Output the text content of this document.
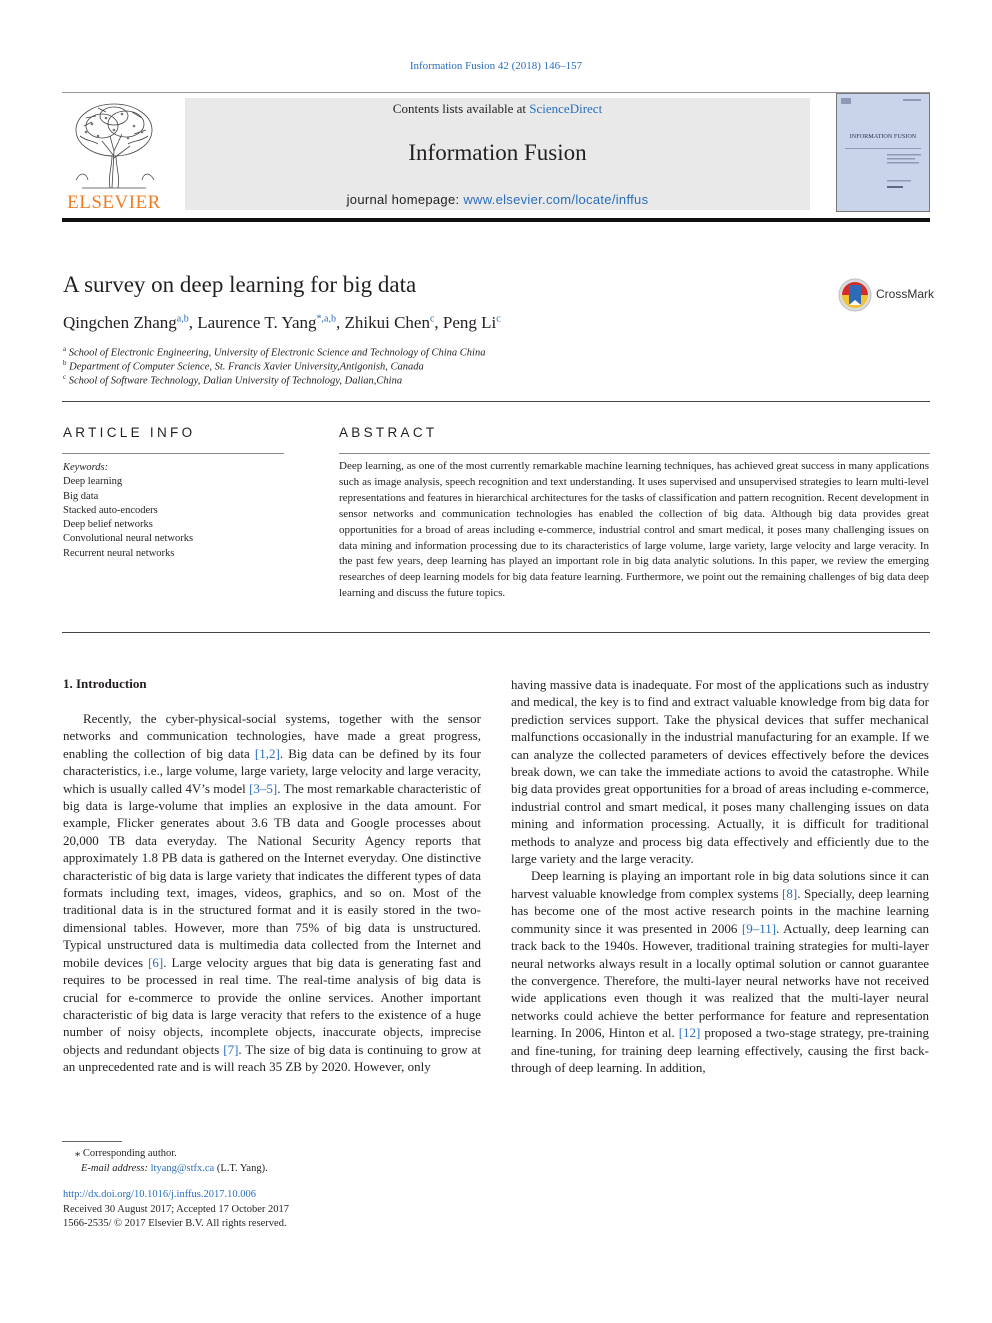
Information Fusion 42 (2018) 146–157
ELSEVIER
Contents lists available at ScienceDirect
Information Fusion
journal homepage: www.elsevier.com/locate/inffus
INFORMATION FUSION
A survey on deep learning for big data	CrossMark
Qingchen Zhang$^{a,b}$, Laurence T. Yang$^{*,a,b}$, Zhikui Chen$^c$, Peng Li$^c$
$^a$ School of Electronic Engineering, University of Electronic Science and Technology of China China
$^b$ Department of Computer Science, St. Francis Xavier University,Antigonish, Canada
$^c$ School of Software Technology, Dalian University of Technology, Dalian,China
ARTICLE INFO	ABSTRACT
Keywords:
Deep learning
Big data
Stacked auto-encoders
Deep belief networks
Convolutional neural networks
Recurrent neural networks
Deep learning, as one of the most currently remarkable machine learning techniques, has achieved great success in many applications such as image analysis, speech recognition and text understanding. It uses supervised and unsupervised strategies to learn multi-level representations and features in hierarchical architectures for the tasks of classification and pattern recognition. Recent development in sensor networks and communication technologies has enabled the collection of big data. Although big data provides great opportunities for a broad of areas including e-commerce, industrial control and smart medical, it poses many challenging issues on data mining and information processing due to its characteristics of large volume, large variety, large velocity and large veracity. In the past few years, deep learning has played an important role in big data analytic solutions. In this paper, we review the emerging researches of deep learning models for big data feature learning. Furthermore, we point out the remaining challenges of big data deep learning and discuss the future topics.
1. Introduction

Recently, the cyber-physical-social systems, together with the sensor networks and communication technologies, have made a great progress, enabling the collection of big data [1,2]. Big data can be defined by its four characteristics, i.e., large volume, large variety, large velocity and large veracity, which is usually called 4V’s model [3–5]. The most remarkable characteristic of big data is large-volume that implies an explosive in the data amount. For example, Flicker generates about 3.6 TB data and Google processes about 20,000 TB data everyday. The National Security Agency reports that approximately 1.8 PB data is gathered on the Internet everyday. One distinctive characteristic of big data is large variety that indicates the different types of data formats including text, images, videos, graphics, and so on. Most of the traditional data is in the structured format and it is easily stored in the two-dimensional tables. However, more than 75% of big data is unstructured. Typical unstructured data is multimedia data collected from the Internet and mobile devices [6]. Large velocity argues that big data is generating fast and requires to be processed in real time. The real-time analysis of big data is crucial for e-commerce to provide the online services. Another important characteristic of big data is large veracity that refers to the existence of a huge number of noisy objects, incomplete objects, inaccurate objects, imprecise objects and redundant objects [7]. The size of big data is continuing to grow at an unprecedented rate and is will reach 35 ZB by 2020. However, only

having massive data is inadequate. For most of the applications such as industry and medical, the key is to find and extract valuable knowledge from big data for prediction services support. Take the physical devices that suffer mechanical malfunctions occasionally in the industrial manufacturing for an example. If we can analyze the collected parameters of devices effectively before the devices break down, we can take the immediate actions to avoid the catastrophe. While big data provides great opportunities for a broad of areas including e-commerce, industrial control and smart medical, it poses many challenging issues on data mining and information processing. Actually, it is difficult for traditional methods to analyze and process big data effectively and efficiently due to the large variety and the large veracity.

Deep learning is playing an important role in big data solutions since it can harvest valuable knowledge from complex systems [8]. Specially, deep learning has become one of the most active research points in the machine learning community since it was presented in 2006 [9–11]. Actually, deep learning can track back to the 1940s. However, traditional training strategies for multi-layer neural networks always result in a locally optimal solution or cannot guarantee the convergence. Therefore, the multi-layer neural networks have not received wide applications even though it was realized that the multi-layer neural networks could achieve the better performance for feature and representation learning. In 2006, Hinton et al. [12] proposed a two-stage strategy, pre-training and fine-tuning, for training deep learning effectively, causing the first back-through of deep learning. In addition,

⁎ Corresponding author.
E-mail address: ltyang@stfx.ca (L.T. Yang).
http://dx.doi.org/10.1016/j.inffus.2017.10.006
Received 30 August 2017; Accepted 17 October 2017
1566-2535/ © 2017 Elsevier B.V. All rights reserved.
